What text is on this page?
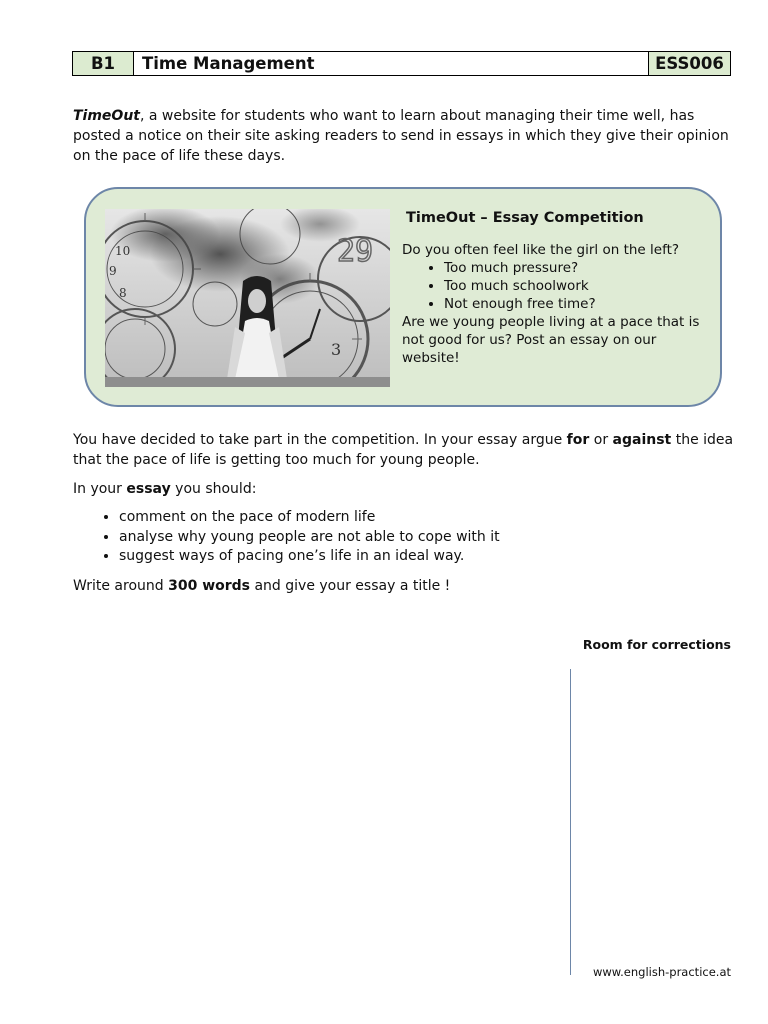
B1	Time Management	ESS006

TimeOut, a website for students who want to learn about managing their time well, has posted a notice on their site asking readers to send in essays in which they give their opinion on the pace of life these days.

29
9
10
8
3

TimeOut – Essay Competition

Do you often feel like the girl on the left?

• Too much pressure?
• Too much schoolwork
• Not enough free time?

Are we young people living at a pace that is not good for us? Post an essay on our website!

You have decided to take part in the competition. In your essay argue for or against the idea that the pace of life is getting too much for young people.

In your essay you should:

• comment on the pace of modern life
• analyse why young people are not able to cope with it
• suggest ways of pacing one’s life in an ideal way.

Write around 300 words and give your essay a title !

Room for corrections
www.english-practice.at
